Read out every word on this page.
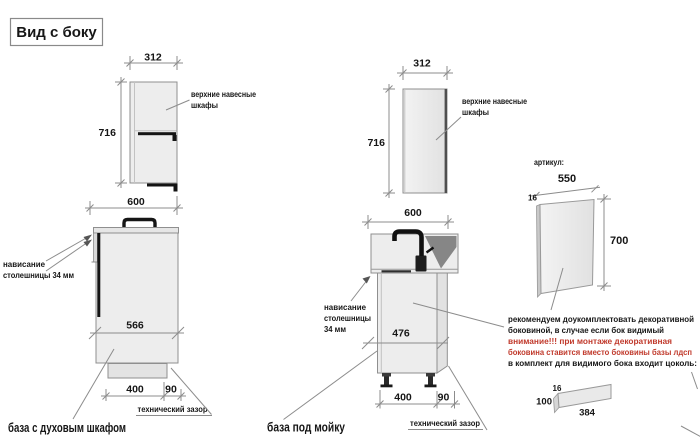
Вид с боку
312
716
верхние навесные
шкафы
600
нависание
столешницы 34 мм
566
400 90
технический зазор
база с духовым шкафом
312
716
верхние навесные
шкафы
600
нависание
столешницы
34 мм	476
400 90
технический зазор
база под мойку
артикул:
550
16
700
рекомендуем доукомплектовать декоративной
боковиной, в случае если бок видимый
внимание!!! при монтаже декоративная
боковина ставится вместо боковины базы лдсп
в комплект для видимого бока входит цоколь:
16
100
384
